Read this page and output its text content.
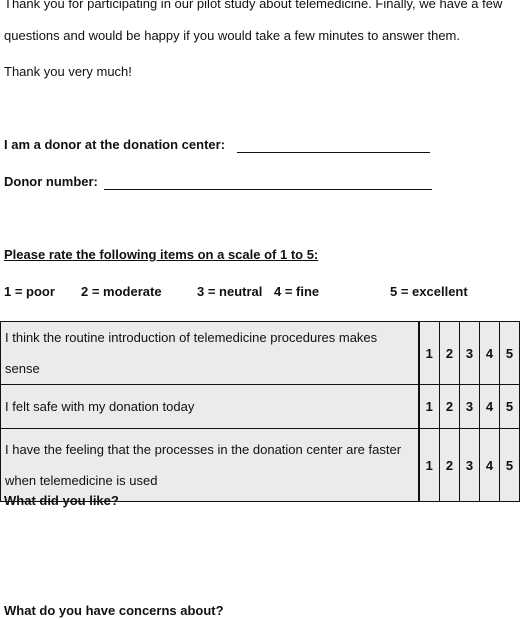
Thank you for participating in our pilot study about telemedicine. Finally, we have a few
questions and would be happy if you would take a few minutes to answer them.
Thank you very much!
I am a donor at the donation center:
Donor number:
Please rate the following items on a scale of 1 to 5:
1 = poor 2 = moderate	3 = neutral 4 = fine	5 = excellent
I think the routine introduction of telemedicine procedures makes sense	1	2	3	4	5
I felt safe with my donation today	1	2	3	4	5

I have the feeling that the processes in the donation center are faster
when telemedicine is used	1	2	3	4	5
What did you like?
What do you have concerns about?
